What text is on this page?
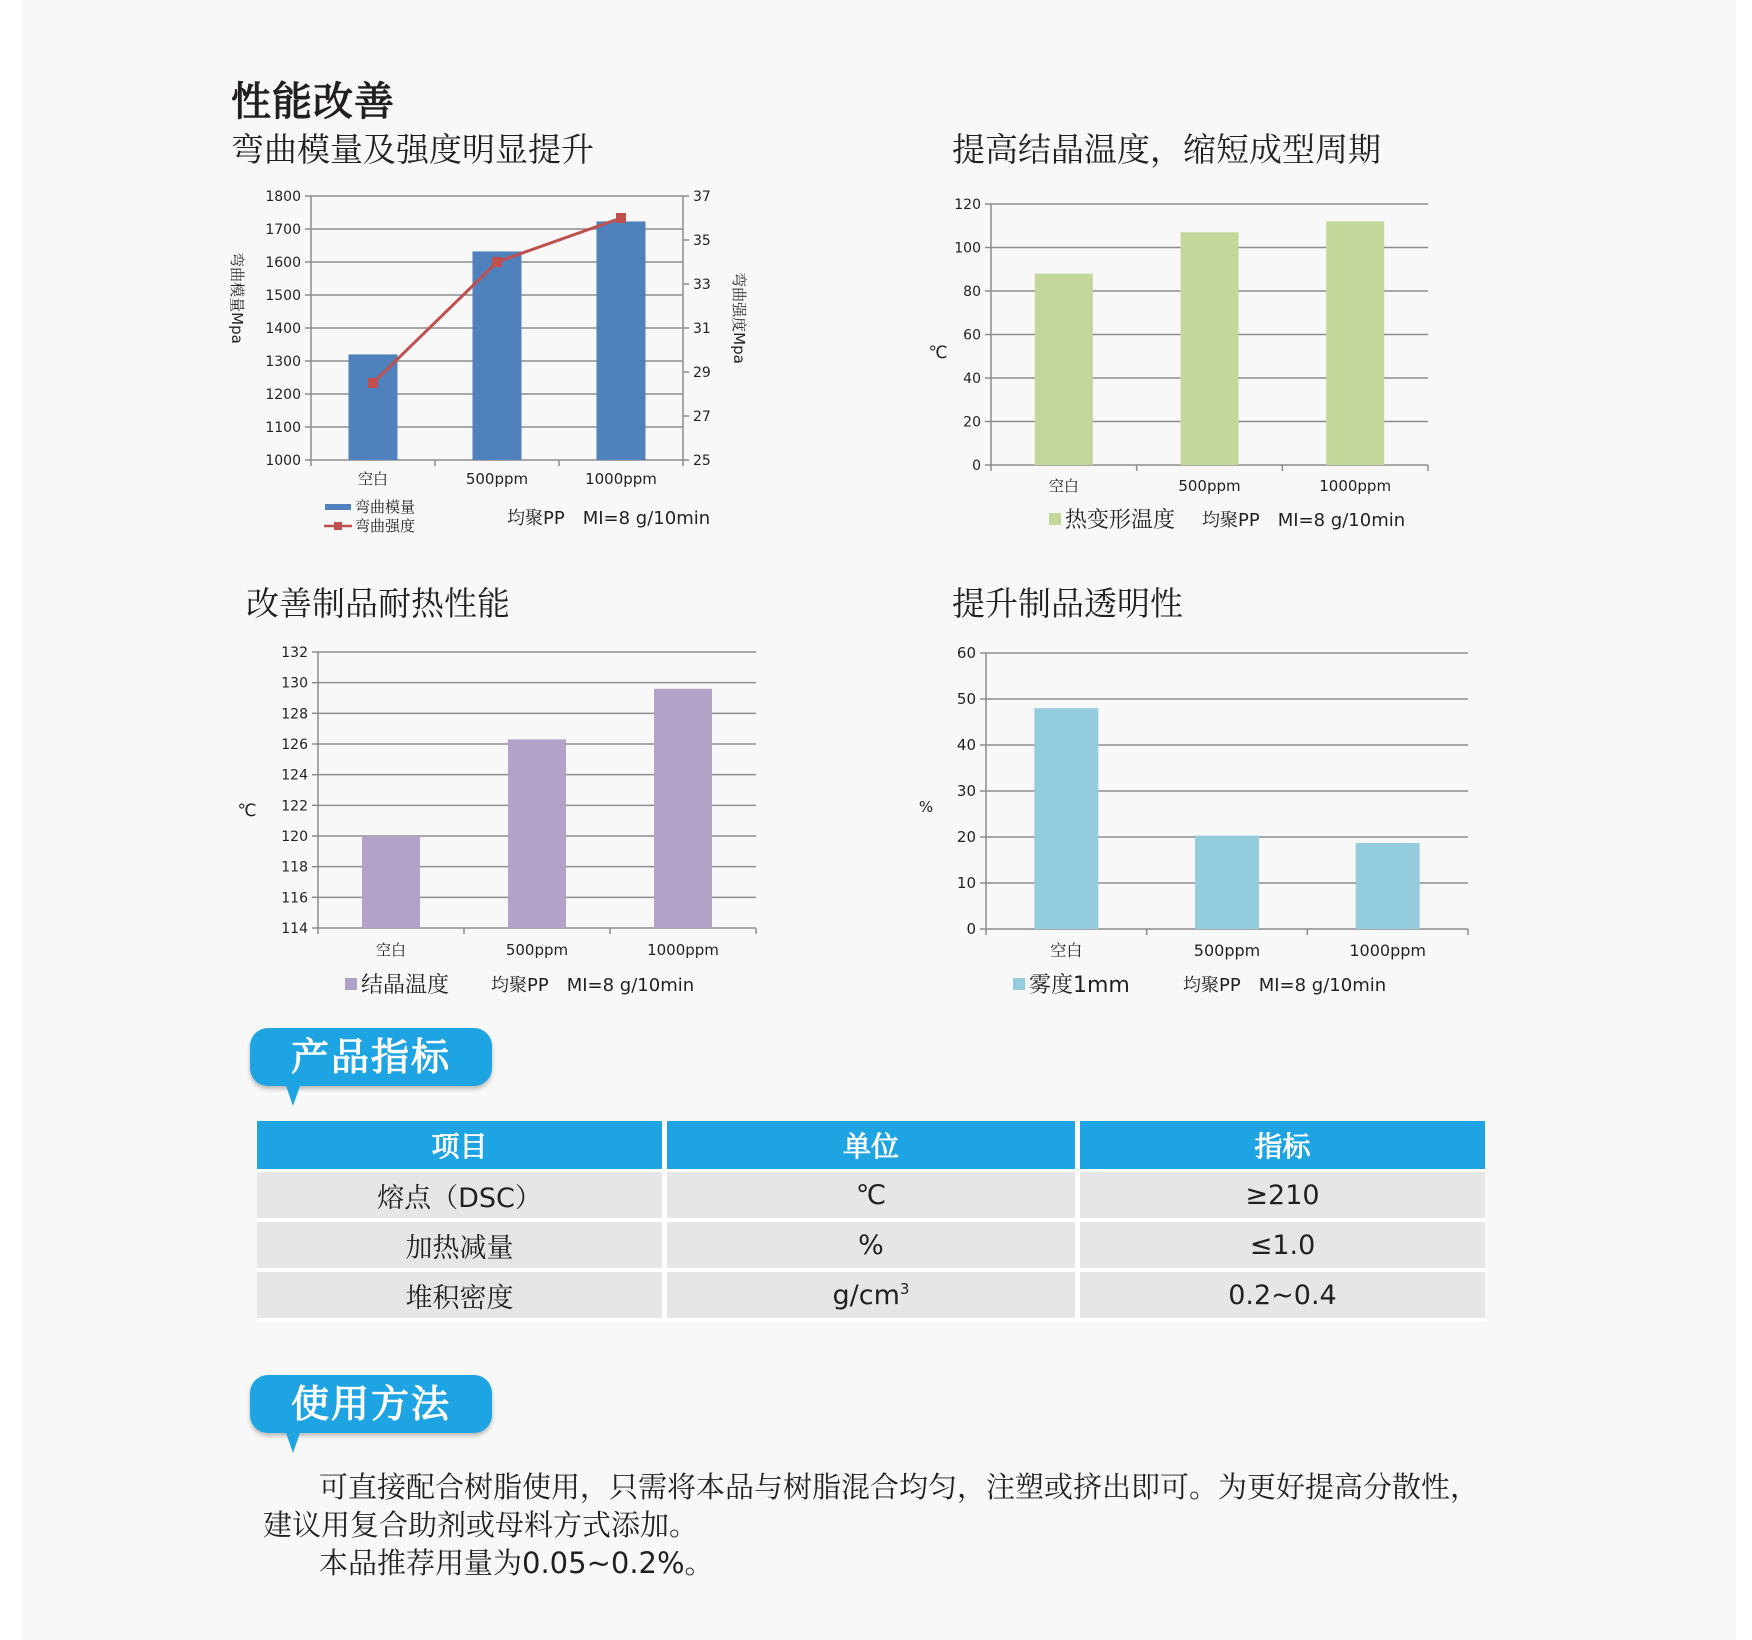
性能改善
弯曲模量及强度明显提升	提高结晶温度，缩短成型周期
改善制品耐热性能	提升制品透明性
1000
1100
1200
1300
1400
1500
1600
1700
1800
空白	500ppm	1000ppm
25
27
29
31
33
35
37
0
20
40
60
80
100
120
空白	500ppm	1000ppm
114
116
118
120
122
124
126
128
130
132
空白	500ppm	1000ppm
0
10
20
30
40
50
60
空白	500ppm	1000ppm
弯曲模量Mpa	弯曲强度Mpa
弯曲模量
弯曲强度	均聚PP　MI=8 g/10min
℃
热变形温度 均聚PP　MI=8 g/10min
℃
结晶温度 均聚PP　MI=8 g/10min
%
雾度1mm	均聚PP　MI=8 g/10min
产品指标
项目	单位	指标
熔点（DSC）	℃	≥210
加热减量	%	≤1.0
堆积密度	$g/cm^3$	0.2~0.4
使用方法

可直接配合树脂使用，只需将本品与树脂混合均匀，注塑或挤出即可。为更好提高分散性，

建议用复合助剂或母料方式添加。

本品推荐用量为0.05~0.2%。
